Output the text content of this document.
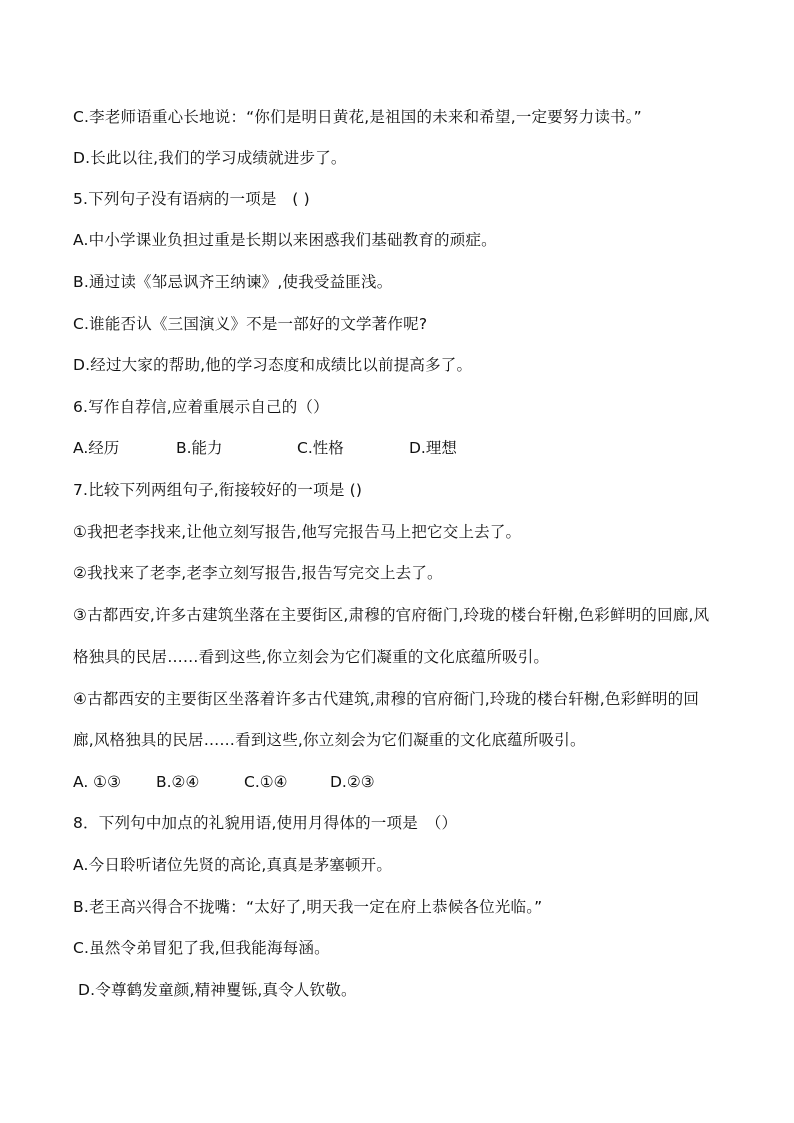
C.李老师语重心长地说：“你们是明日黄花,是祖国的未来和希望,一定要努力读书。”
D.长此以往,我们的学习成绩就进步了。
5.下列句子没有语病的一项是　( )
A.中小学课业负担过重是长期以来困惑我们基础教育的顽症。
B.通过读《邹忌讽齐王纳谏》,使我受益匪浅。
C.谁能否认《三国演义》不是一部好的文学著作呢?
D.经过大家的帮助,他的学习态度和成绩比以前提高多了。
6.写作自荐信,应着重展示自己的（）
A.经历	B.能力	C.性格	D.理想
7.比较下列两组句子,衔接较好的一项是 ()
①我把老李找来,让他立刻写报告,他写完报告马上把它交上去了。
②我找来了老李,老李立刻写报告,报告写完交上去了。
③古都西安,许多古建筑坐落在主要街区,肃穆的官府衙门,玲珑的楼台轩榭,色彩鲜明的回廊,风
格独具的民居……看到这些,你立刻会为它们凝重的文化底蕴所吸引。
④古都西安的主要街区坐落着许多古代建筑,肃穆的官府衙门,玲珑的楼台轩榭,色彩鲜明的回
廊,风格独具的民居……看到这些,你立刻会为它们凝重的文化底蕴所吸引。
A. ①③ B.②④	C.①④	D.②③
8．下列句中加点的礼貌用语,使用月得体的一项是　（）
A.今日聆听诸位先贤的高论,真真是茅塞顿开。
B.老王高兴得合不拢嘴：“太好了,明天我一定在府上恭候各位光临。”
C.虽然令弟冒犯了我,但我能海每涵。
D.令尊鹤发童颜,精神矍铄,真令人钦敬。
